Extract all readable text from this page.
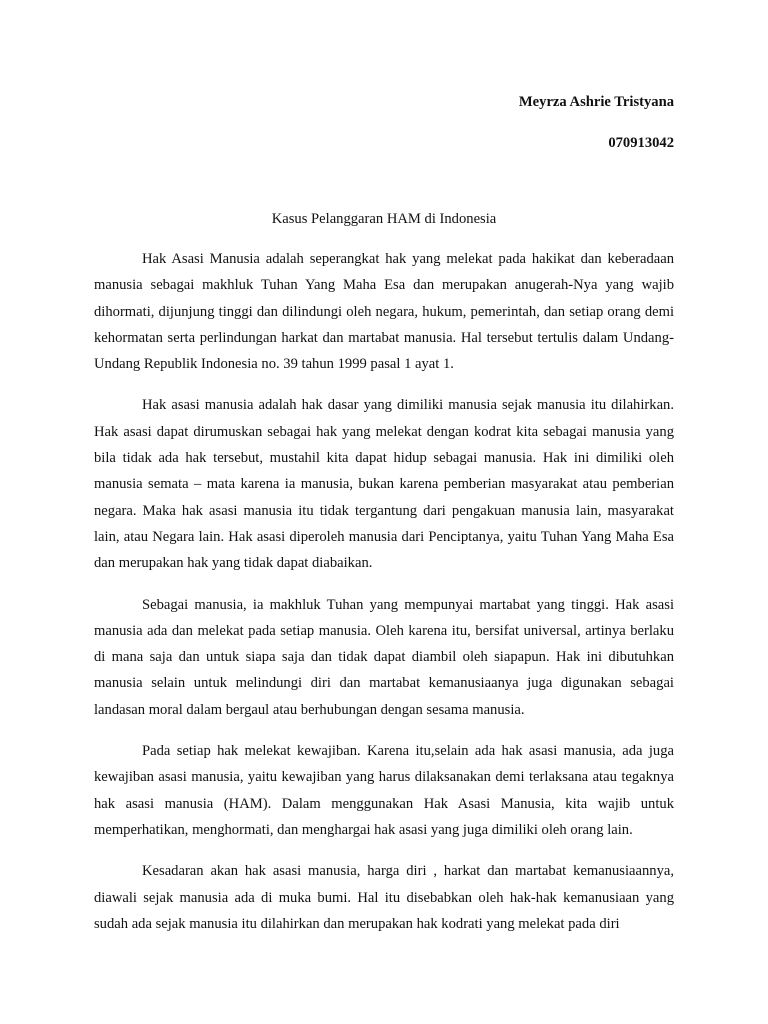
Meyrza Ashrie Tristyana

070913042

Kasus Pelanggaran HAM di Indonesia

Hak Asasi Manusia adalah seperangkat hak yang melekat pada hakikat dan keberadaan manusia sebagai makhluk Tuhan Yang Maha Esa dan merupakan anugerah-Nya yang wajib dihormati, dijunjung tinggi dan dilindungi oleh negara, hukum, pemerintah, dan setiap orang demi kehormatan serta perlindungan harkat dan martabat manusia. Hal tersebut tertulis dalam Undang-Undang Republik Indonesia no. 39 tahun 1999 pasal 1 ayat 1.

Hak asasi manusia adalah hak dasar yang dimiliki manusia sejak manusia itu dilahirkan. Hak asasi dapat dirumuskan sebagai hak yang melekat dengan kodrat kita sebagai manusia yang bila tidak ada hak tersebut, mustahil kita dapat hidup sebagai manusia. Hak ini dimiliki oleh manusia semata – mata karena ia manusia, bukan karena pemberian masyarakat atau pemberian negara. Maka hak asasi manusia itu tidak tergantung dari pengakuan manusia lain, masyarakat lain, atau Negara lain. Hak asasi diperoleh manusia dari Penciptanya, yaitu Tuhan Yang Maha Esa dan merupakan hak yang tidak dapat diabaikan.

Sebagai manusia, ia makhluk Tuhan yang mempunyai martabat yang tinggi. Hak asasi manusia ada dan melekat pada setiap manusia. Oleh karena itu, bersifat universal, artinya berlaku di mana saja dan untuk siapa saja dan tidak dapat diambil oleh siapapun. Hak ini dibutuhkan manusia selain untuk melindungi diri dan martabat kemanusiaanya juga digunakan sebagai landasan moral dalam bergaul atau berhubungan dengan sesama manusia.

Pada setiap hak melekat kewajiban. Karena itu,selain ada hak asasi manusia, ada juga kewajiban asasi manusia, yaitu kewajiban yang harus dilaksanakan demi terlaksana atau tegaknya hak asasi manusia (HAM). Dalam menggunakan Hak Asasi Manusia, kita wajib untuk memperhatikan, menghormati, dan menghargai hak asasi yang juga dimiliki oleh orang lain.

Kesadaran akan hak asasi manusia, harga diri , harkat dan martabat kemanusiaannya, diawali sejak manusia ada di muka bumi. Hal itu disebabkan oleh hak-hak kemanusiaan yang sudah ada sejak manusia itu dilahirkan dan merupakan hak kodrati yang melekat pada diri
